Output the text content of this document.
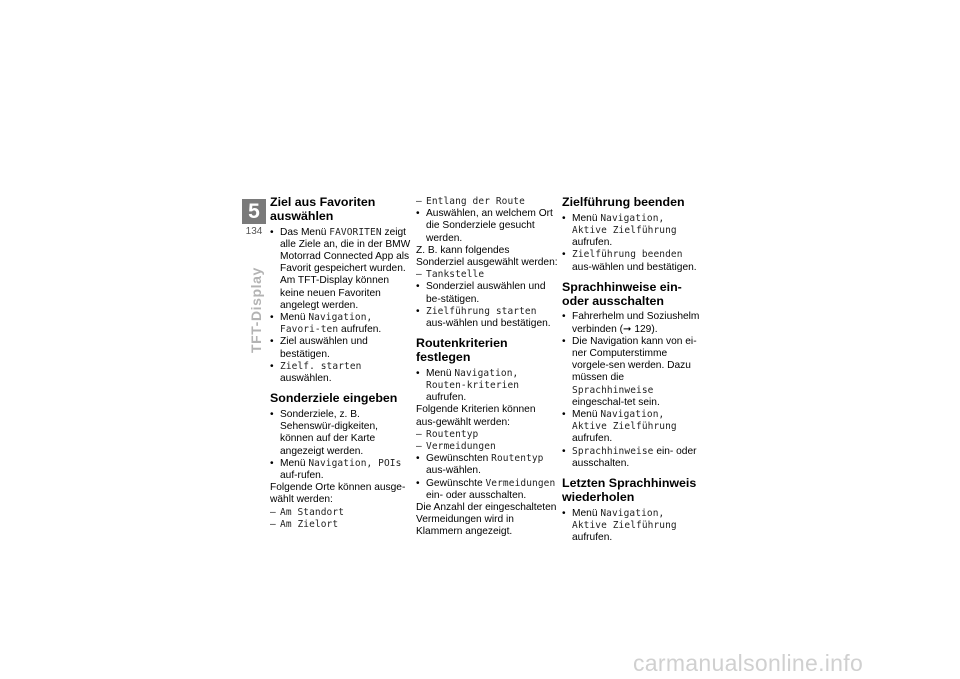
5
134
TFT-Display
Ziel aus Favoriten auswählen
• Das Menü FAVORITEN zeigt alle Ziele an, die in der BMW Motorrad Connected App als Favorit gespeichert wurden. Am TFT-Display können keine neuen Favoriten angelegt werden.
• Menü Navigation, Favori-ten aufrufen.
• Ziel auswählen und bestätigen.
• Zielf. starten auswählen.
Sonderziele eingeben
• Sonderziele, z. B. Sehenswür-digkeiten, können auf der Karte angezeigt werden.
• Menü Navigation, POIs auf-rufen.

Folgende Orte können ausge-wählt werden:

– Am Standort
– Am Zielort
– Entlang der Route
• Auswählen, an welchem Ort die Sonderziele gesucht werden.

Z. B. kann folgendes Sonderziel ausgewählt werden:

– Tankstelle
• Sonderziel auswählen und be-stätigen.
• Zielführung starten aus-wählen und bestätigen.
Routenkriterien festlegen
• Menü Navigation, Routen-kriterien aufrufen.

Folgende Kriterien können aus-gewählt werden:

– Routentyp
– Vermeidungen
• Gewünschten Routentyp aus-wählen.
• Gewünschte Vermeidungen ein- oder ausschalten.

Die Anzahl der eingeschalteten Vermeidungen wird in Klammern angezeigt.

Zielführung beenden
• Menü Navigation, Aktive Zielführung aufrufen.
• Zielführung beenden aus-wählen und bestätigen.
Sprachhinweise ein- oder ausschalten
• Fahrerhelm und Soziushelm verbinden (➞ 129).
• Die Navigation kann von ei-ner Computerstimme vorgele-sen werden. Dazu müssen die Sprachhinweise eingeschal-tet sein.
• Menü Navigation, Aktive Zielführung aufrufen.
• Sprachhinweise ein- oder ausschalten.
Letzten Sprachhinweis wiederholen
• Menü Navigation, Aktive Zielführung aufrufen.
carmanualsonline.info
